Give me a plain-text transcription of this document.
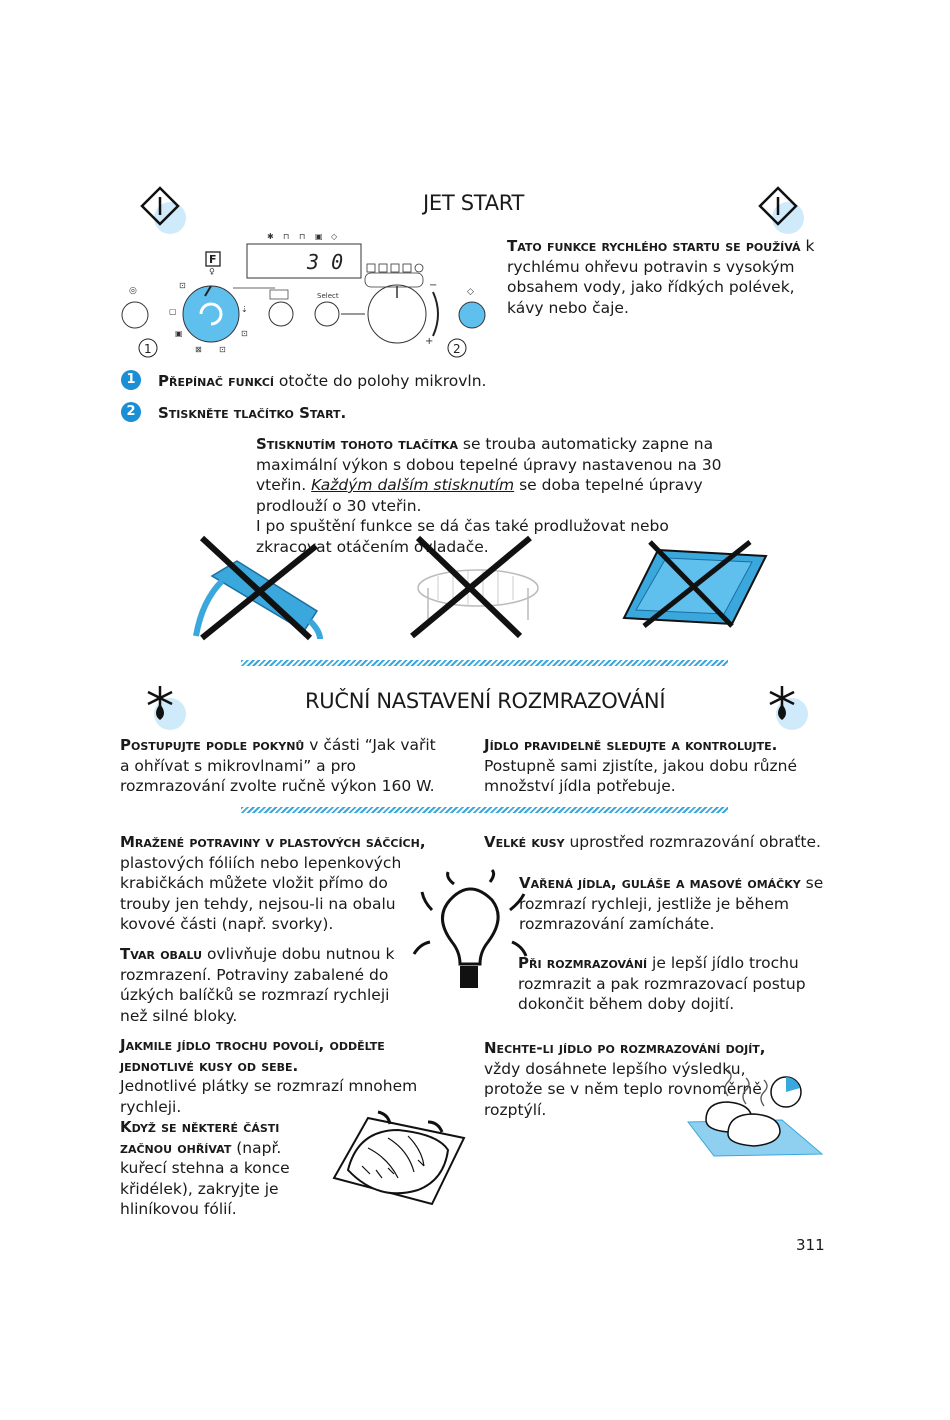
JET START
✱ ⊓ ⊓ ▣ ◇
3 0
F
◎
⊡
▢
▣
⊠ ⊡
⊡
⇣
♀
Select
−
+
◇
1	2
Tato funkce rychlého startu se používá k rychlému ohřevu potravin s vysokým obsahem vody, jako řídkých polévek, kávy nebo čaje.
1	Přepínač funkcí otočte do polohy mikrovln.
2	Stiskněte tlačítko Start.
Stisknutím tohoto tlačítka se trouba automaticky zapne na maximální výkon s dobou tepelné úpravy nastavenou na 30 vteřin. Každým dalším stisknutím se doba tepelné úpravy prodlouží o 30 vteřin.
I po spuštění funkce se dá čas také prodlužovat nebo zkracovat otáčením ovladače.
RUČNÍ NASTAVENÍ ROZMRAZOVÁNÍ
Postupujte podle pokynů v části “Jak vařit a ohřívat s mikrovlnami” a pro rozmrazování zvolte ručně výkon 160 W.
Jídlo pravidelně sledujte a kontrolujte. Postupně sami zjistíte, jakou dobu různé množství jídla potřebuje.
Mražené potraviny v plastových sáčcích, plastových fóliích nebo lepenkových krabičkách můžete vložit přímo do trouby jen tehdy, nejsou-li na obalu kovové části (např. svorky).
Tvar obalu ovlivňuje dobu nutnou k rozmrazení. Potraviny zabalené do úzkých balíčků se rozmrazí rychleji než silné bloky.
Jakmile jídlo trochu povolí, oddělte jednotlivé kusy od sebe.
Jednotlivé plátky se rozmrazí mnohem rychleji.
Když se některé části začnou ohřívat (např. kuřecí stehna a konce křidélek), zakryjte je hliníkovou fólií.
Velké kusy uprostřed rozmrazování obraťte.
Vařená jídla, guláše a masové omáčky se rozmrazí rychleji, jestliže je během rozmrazování zamícháte.
Při rozmrazování je lepší jídlo trochu rozmrazit a pak rozmrazovací postup dokončit během doby dojití.
Nechte-li jídlo po rozmrazování dojít, vždy dosáhnete lepšího výsledku, protože se v něm teplo rovnoměrně rozptýlí.
311
